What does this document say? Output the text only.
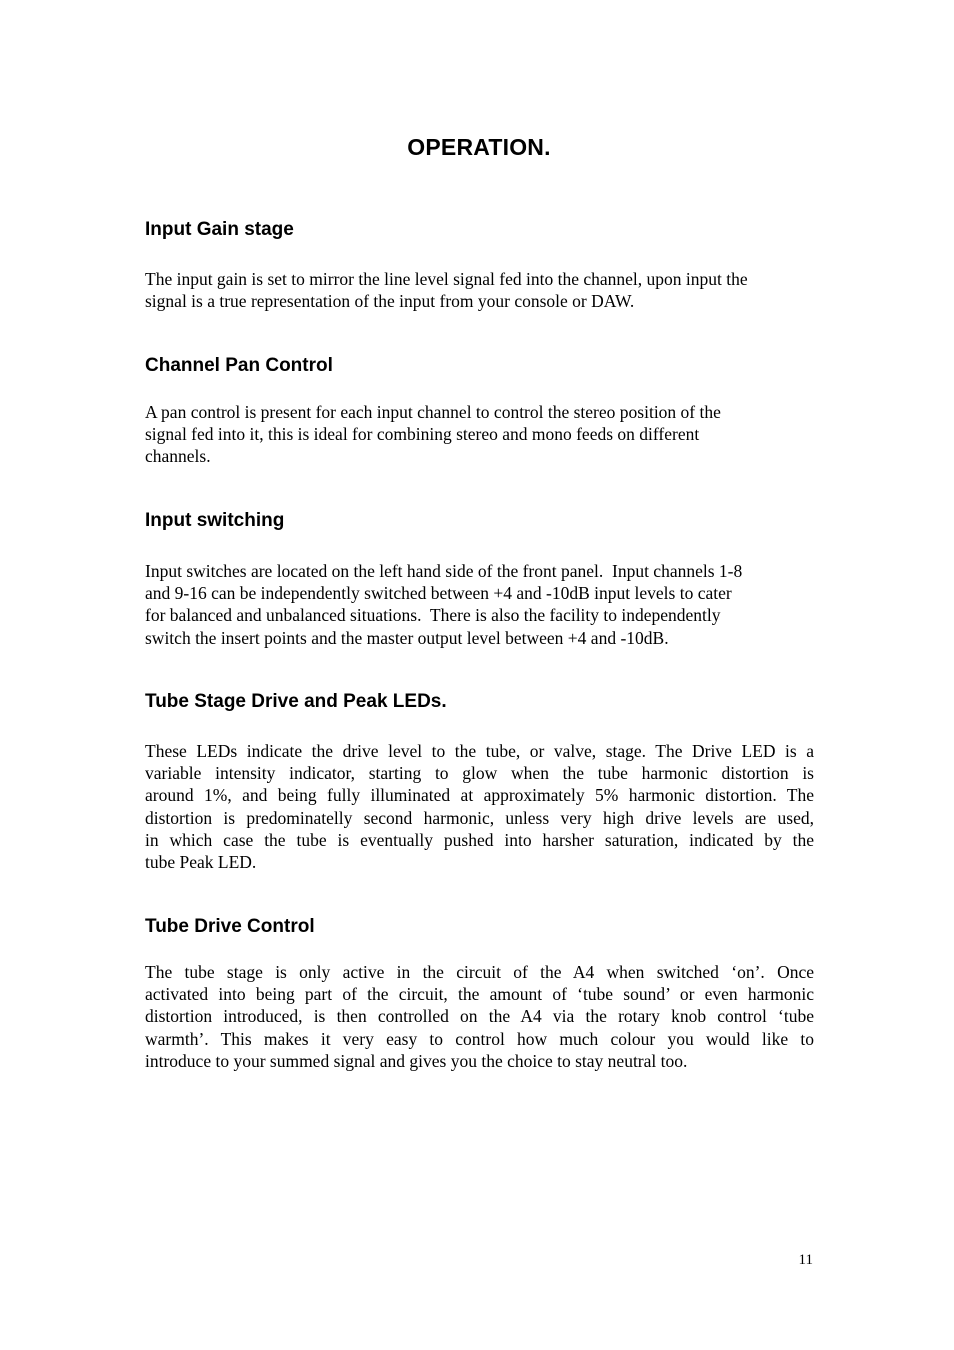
OPERATION.
Input Gain stage

The input gain is set to mirror the line level signal fed into the channel, upon input the
signal is a true representation of the input from your console or DAW.

Channel Pan Control

A pan control is present for each input channel to control the stereo position of the
signal fed into it, this is ideal for combining stereo and mono feeds on different
channels.

Input switching

Input switches are located on the left hand side of the front panel.  Input channels 1-8
and 9-16 can be independently switched between +4 and -10dB input levels to cater
for balanced and unbalanced situations.  There is also the facility to independently
switch the insert points and the master output level between +4 and -10dB.

Tube Stage Drive and Peak LEDs.

These LEDs indicate the drive level to the tube, or valve, stage. The Drive LED is a
variable intensity indicator, starting to glow when the tube harmonic distortion is
around 1%, and being fully illuminated at approximately 5% harmonic distortion. The
distortion is predominatelly second harmonic, unless very high drive levels are used,
in which case the tube is eventually pushed into harsher saturation, indicated by the
tube Peak LED.

Tube Drive Control

The tube stage is only active in the circuit of the A4 when switched ‘on’. Once
activated into being part of the circuit, the amount of ‘tube sound’ or even harmonic
distortion introduced, is then controlled on the A4 via the rotary knob control ‘tube
warmth’. This makes it very easy to control how much colour you would like to
introduce to your summed signal and gives you the choice to stay neutral too.

11
